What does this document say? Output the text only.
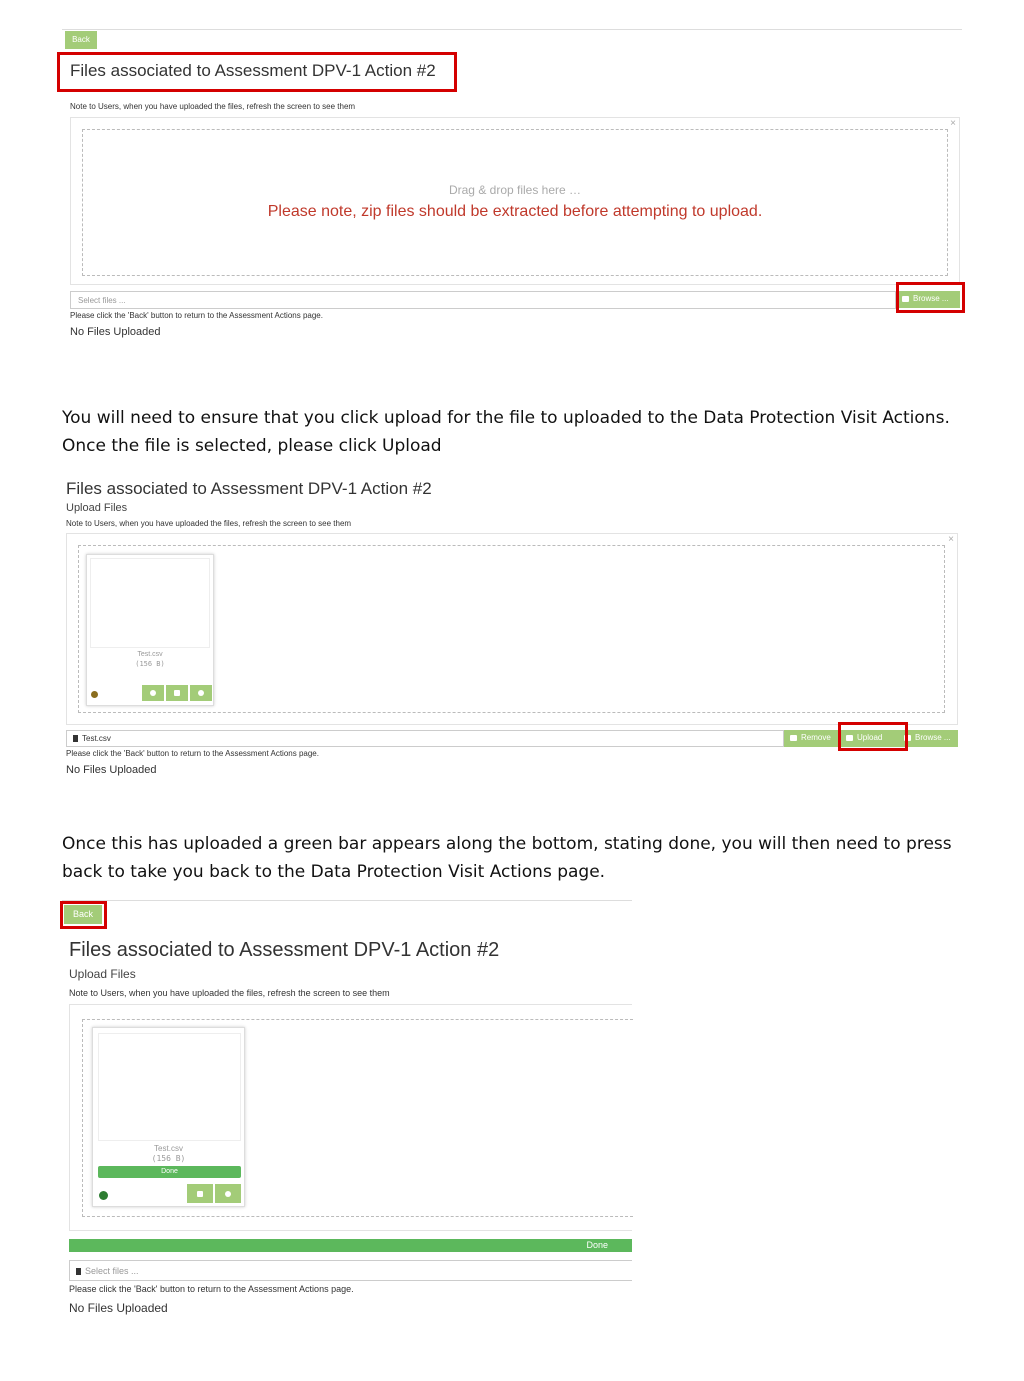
Back
Files associated to Assessment DPV-1 Action #2
Note to Users, when you have uploaded the files, refresh the screen to see them
×
Drag & drop files here …
Please note, zip files should be extracted before attempting to upload.
Select files ...	Browse ...
Please click the 'Back' button to return to the Assessment Actions page.
No Files Uploaded
You will need to ensure that you click upload for the file to uploaded to the Data Protection Visit Actions. Once the file is selected, please click Upload
Files associated to Assessment DPV-1 Action #2
Upload Files
Note to Users, when you have uploaded the files, refresh the screen to see them
×
Test.csv
(156 B)
Test.csv	Remove	Upload	Browse ...
Please click the 'Back' button to return to the Assessment Actions page.
No Files Uploaded
Once this has uploaded a green bar appears along the bottom, stating done, you will then need to press back to take you back to the Data Protection Visit Actions page.
Back
Files associated to Assessment DPV-1 Action #2
Upload Files
Note to Users, when you have uploaded the files, refresh the screen to see them
Test.csv
(156 B)
Done
Done
Select files ...
Please click the 'Back' button to return to the Assessment Actions page.
No Files Uploaded
